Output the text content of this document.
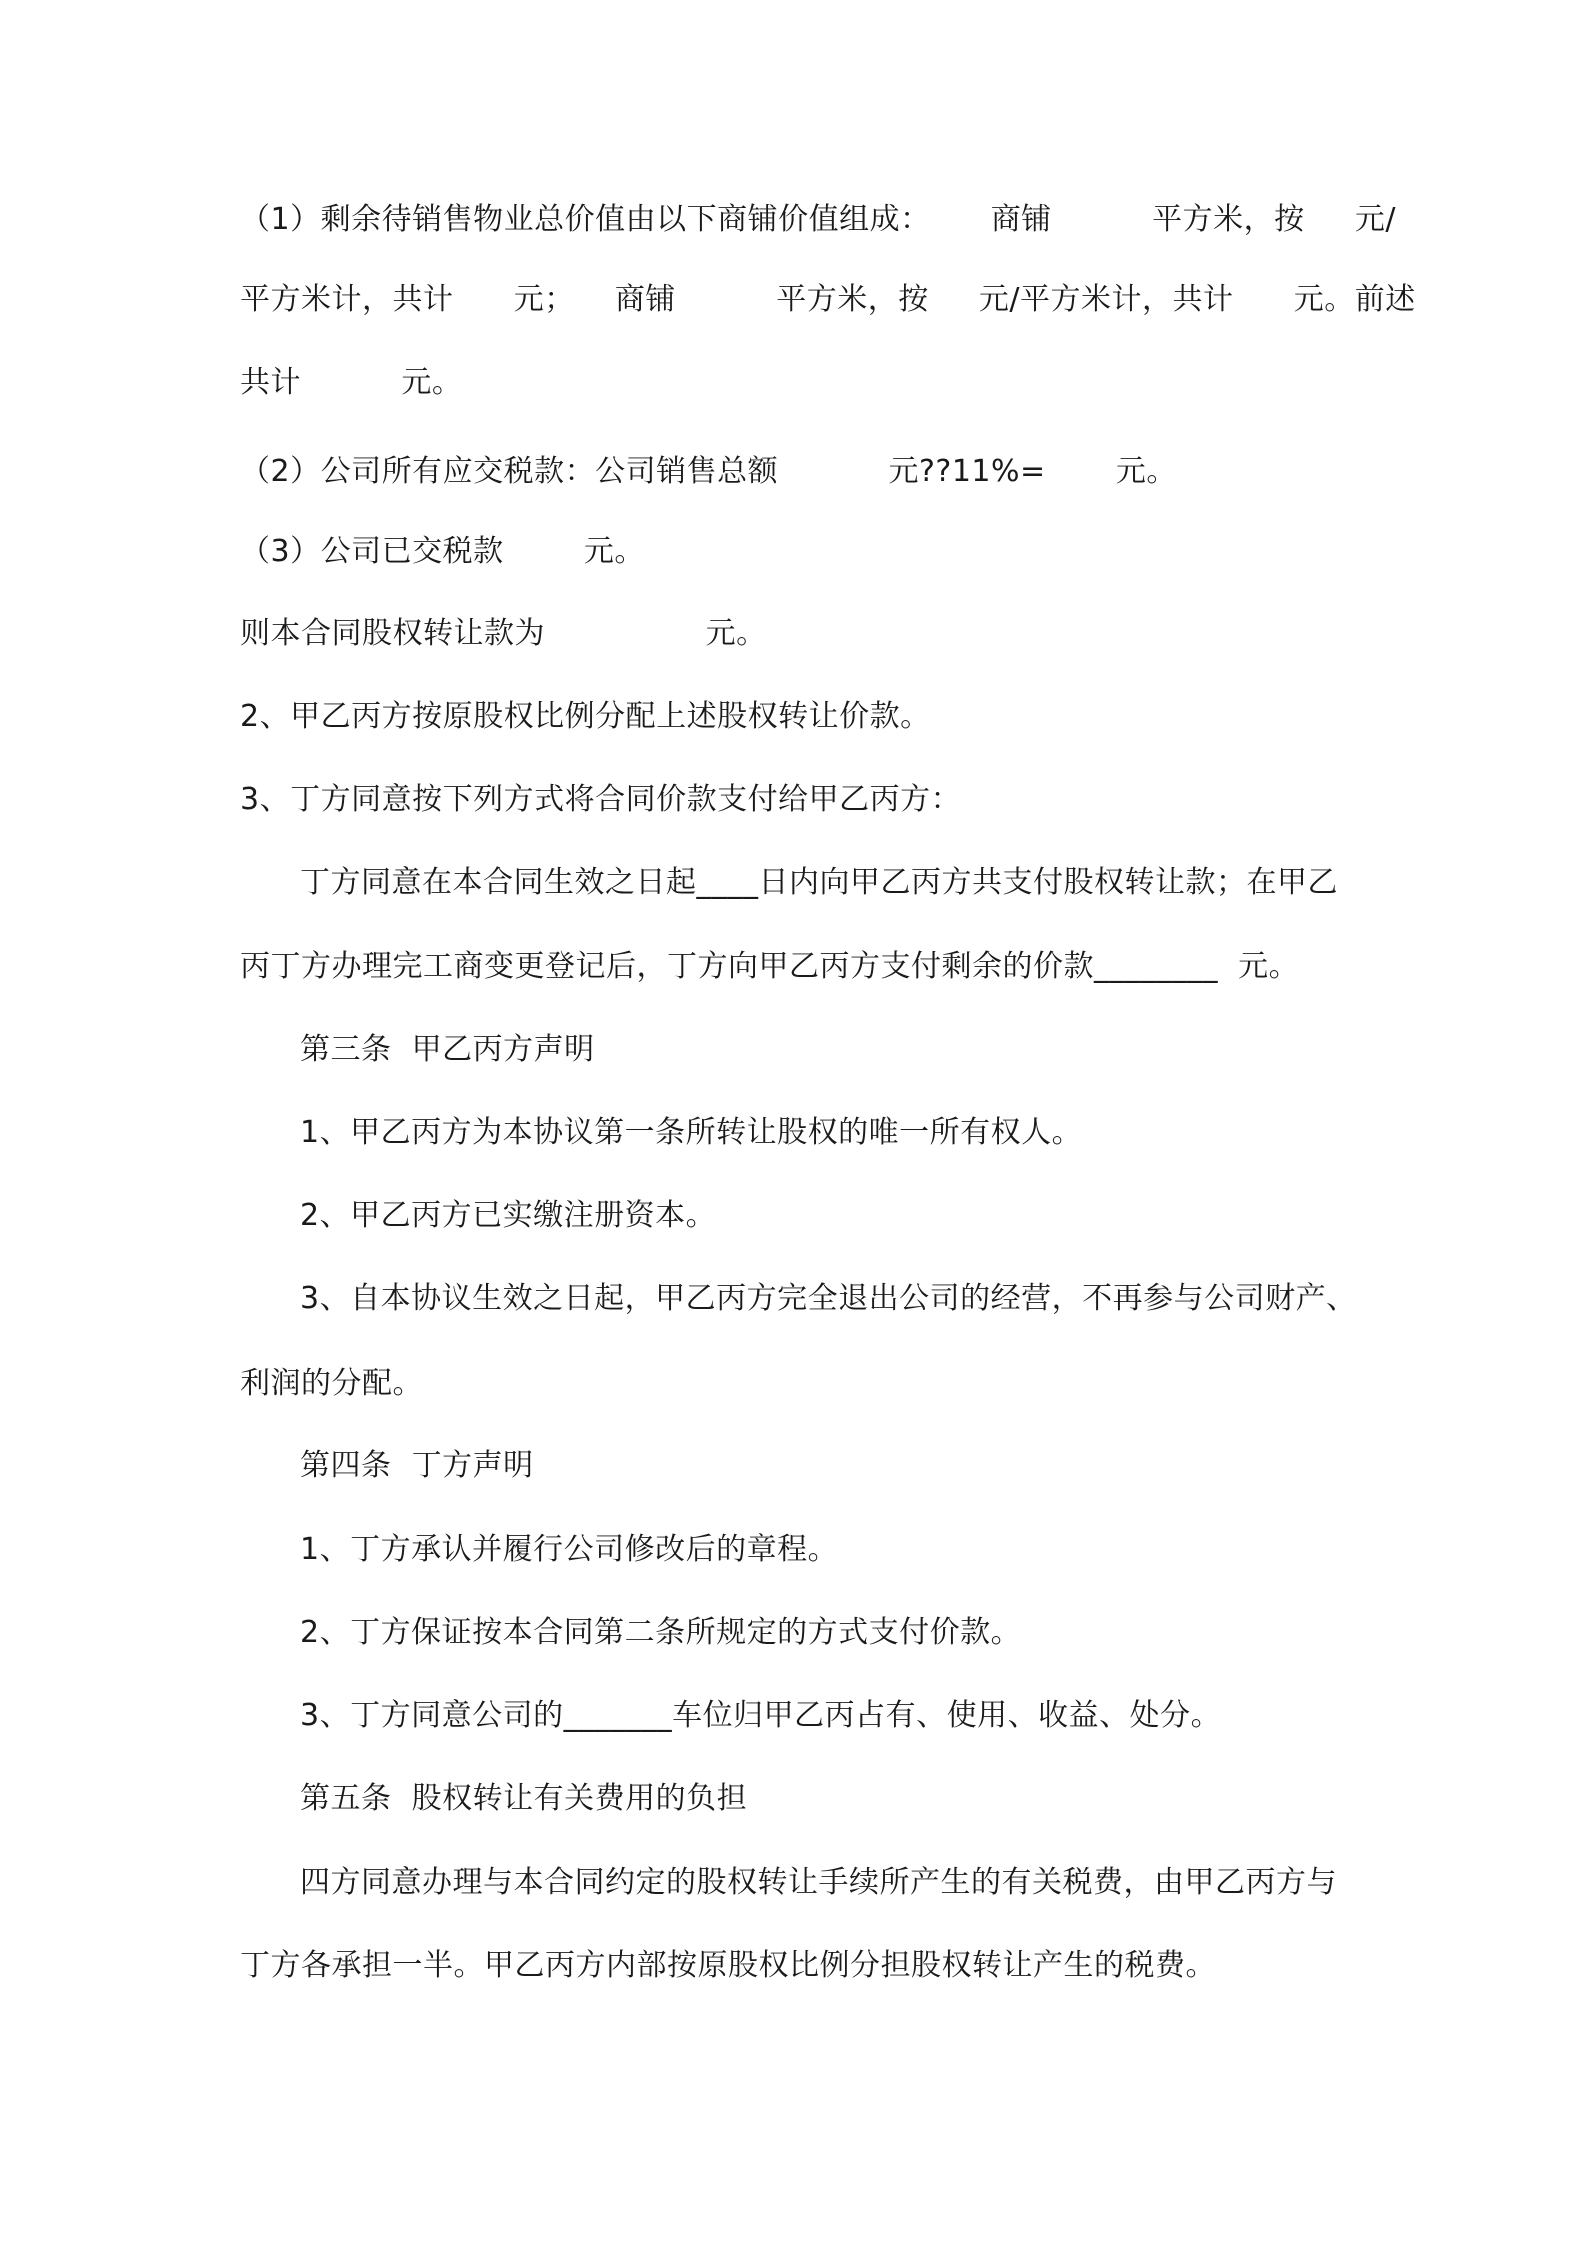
（1）剩余待销售物业总价值由以下商铺价值组成：      商铺          平方米，按     元/
平方米计，共计      元；    商铺          平方米，按     元/平方米计，共计      元。前述
共计          元。
（2）公司所有应交税款：公司销售总额           元??11%=       元。
（3）公司已交税款        元。
则本合同股权转让款为                元。
2、甲乙丙方按原股权比例分配上述股权转让价款。
3、丁方同意按下列方式将合同价款支付给甲乙丙方：
丁方同意在本合同生效之日起____日内向甲乙丙方共支付股权转让款；在甲乙
丙丁方办理完工商变更登记后，丁方向甲乙丙方支付剩余的价款________  元。
第三条  甲乙丙方声明
1、甲乙丙方为本协议第一条所转让股权的唯一所有权人。
2、甲乙丙方已实缴注册资本。
3、自本协议生效之日起，甲乙丙方完全退出公司的经营，不再参与公司财产、
利润的分配。
第四条  丁方声明
1、丁方承认并履行公司修改后的章程。
2、丁方保证按本合同第二条所规定的方式支付价款。
3、丁方同意公司的_______车位归甲乙丙占有、使用、收益、处分。
第五条  股权转让有关费用的负担
四方同意办理与本合同约定的股权转让手续所产生的有关税费，由甲乙丙方与
丁方各承担一半。甲乙丙方内部按原股权比例分担股权转让产生的税费。
